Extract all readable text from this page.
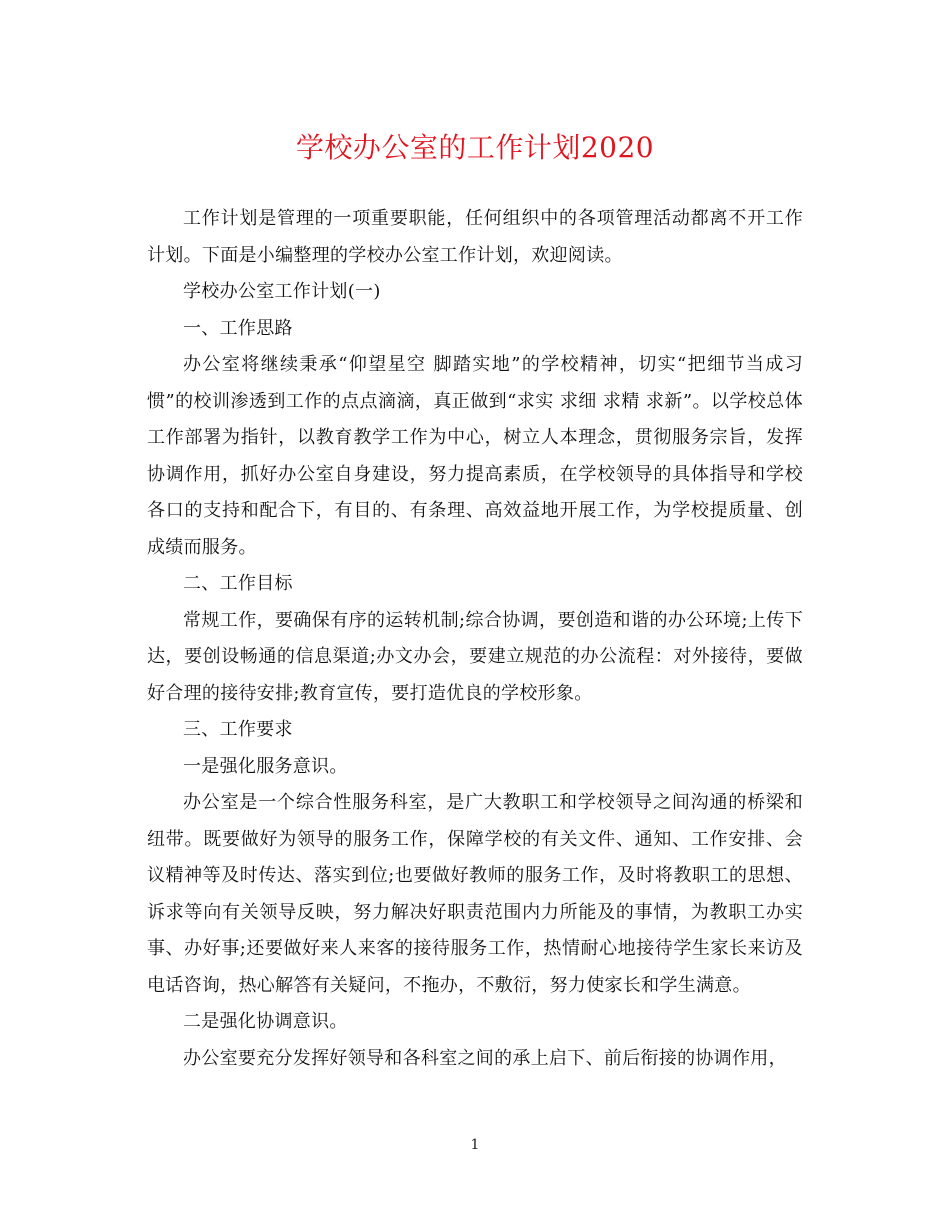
学校办公室的工作计划2020

工作计划是管理的一项重要职能，任何组织中的各项管理活动都离不开工作计划。下面是小编整理的学校办公室工作计划，欢迎阅读。

学校办公室工作计划(一)

一、工作思路

办公室将继续秉承“仰望星空 脚踏实地”的学校精神，切实“把细节当成习惯”的校训渗透到工作的点点滴滴，真正做到“求实 求细 求精 求新”。以学校总体工作部署为指针，以教育教学工作为中心，树立人本理念，贯彻服务宗旨，发挥协调作用，抓好办公室自身建设，努力提高素质，在学校领导的具体指导和学校各口的支持和配合下，有目的、有条理、高效益地开展工作，为学校提质量、创成绩而服务。

二、工作目标

常规工作，要确保有序的运转机制;综合协调，要创造和谐的办公环境;上传下达，要创设畅通的信息渠道;办文办会，要建立规范的办公流程：对外接待，要做好合理的接待安排;教育宣传，要打造优良的学校形象。

三、工作要求

一是强化服务意识。

办公室是一个综合性服务科室，是广大教职工和学校领导之间沟通的桥梁和纽带。既要做好为领导的服务工作，保障学校的有关文件、通知、工作安排、会议精神等及时传达、落实到位;也要做好教师的服务工作，及时将教职工的思想、诉求等向有关领导反映，努力解决好职责范围内力所能及的事情，为教职工办实事、办好事;还要做好来人来客的接待服务工作，热情耐心地接待学生家长来访及电话咨询，热心解答有关疑问，不拖办，不敷衍，努力使家长和学生满意。

二是强化协调意识。

办公室要充分发挥好领导和各科室之间的承上启下、前后衔接的协调作用，

1
